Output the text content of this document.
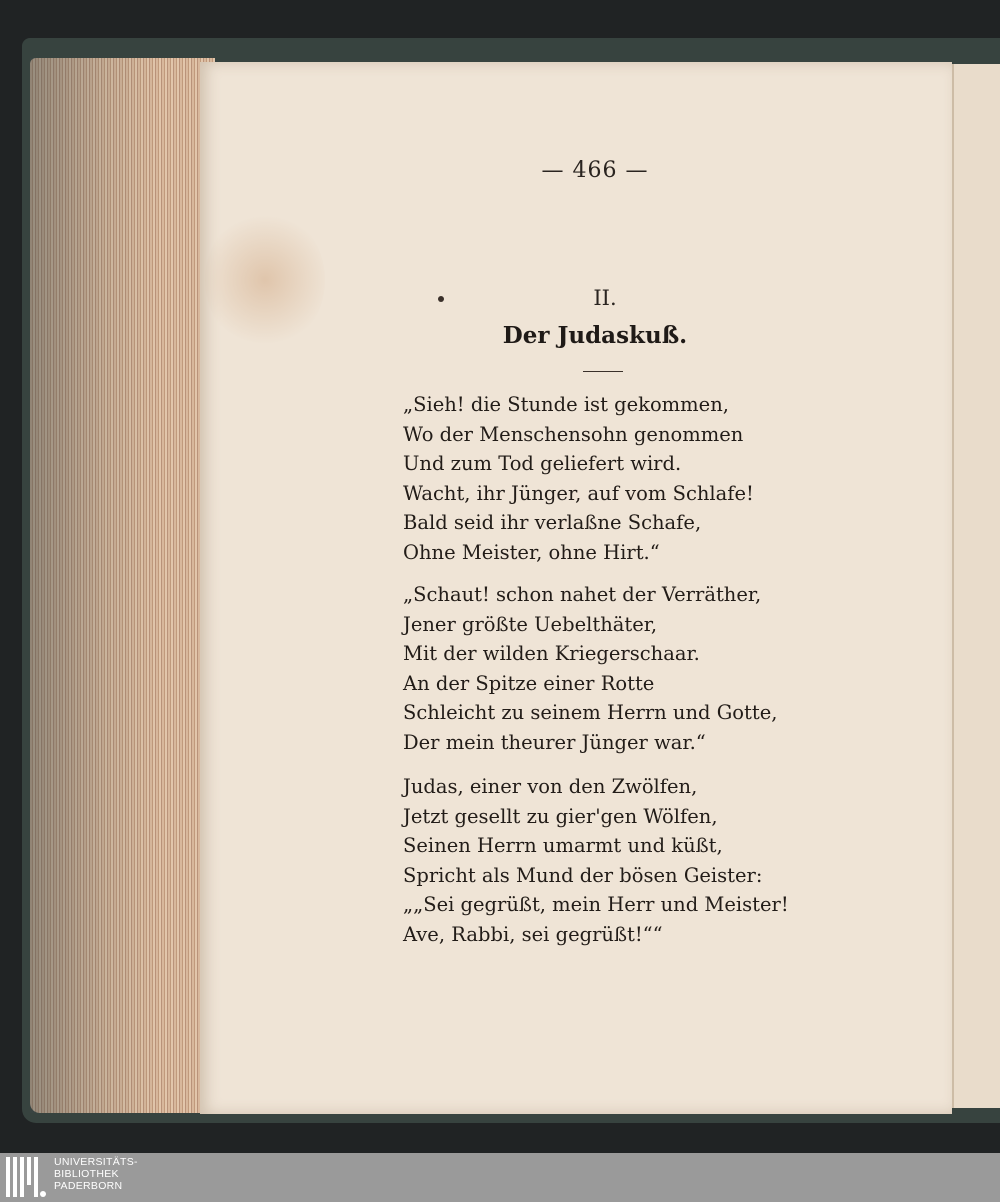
— 466 —
II.
Der Judaskuß.
„Sieh! die Stunde ist gekommen,
Wo der Menschensohn genommen
Und zum Tod geliefert wird.
Wacht, ihr Jünger, auf vom Schlafe!
Bald seid ihr verlaßne Schafe,
Ohne Meister, ohne Hirt.“
„Schaut! schon nahet der Verräther,
Jener größte Uebelthäter,
Mit der wilden Kriegerschaar.
An der Spitze einer Rotte
Schleicht zu seinem Herrn und Gotte,
Der mein theurer Jünger war.“
Judas, einer von den Zwölfen,
Jetzt gesellt zu gier'gen Wölfen,
Seinen Herrn umarmt und küßt,
Spricht als Mund der bösen Geister:
„„Sei gegrüßt, mein Herr und Meister!
Ave, Rabbi, sei gegrüßt!““
UNIVERSITÄTS-
BIBLIOTHEK
PADERBORN
